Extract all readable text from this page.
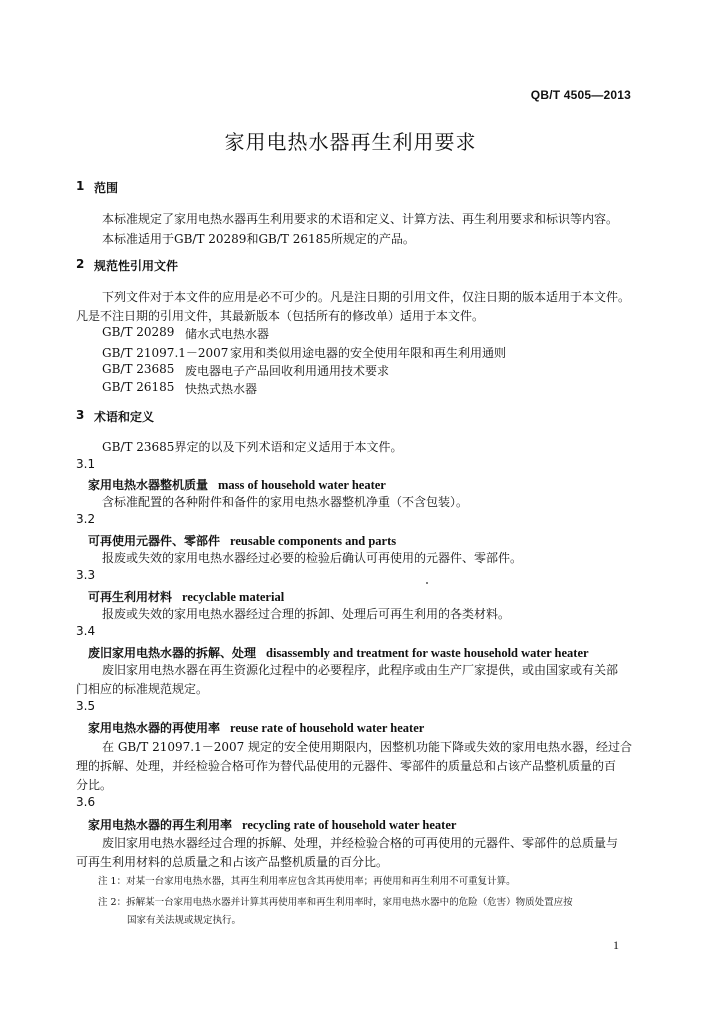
QB/T 4505—2013
家用电热水器再生利用要求
1 范围
本标准规定了家用电热水器再生利用要求的术语和定义、计算方法、再生利用要求和标识等内容。
本标准适用于GB/T 20289和GB/T 26185所规定的产品。
2 规范性引用文件
下列文件对于本文件的应用是必不可少的。凡是注日期的引用文件，仅注日期的版本适用于本文件。
凡是不注日期的引用文件，其最新版本（包括所有的修改单）适用于本文件。
GB/T 20289 储水式电热水器
GB/T 21097.1－2007 家用和类似用途电器的安全使用年限和再生利用通则
GB/T 23685 废电器电子产品回收利用通用技术要求
GB/T 26185 快热式热水器
3 术语和定义
GB/T 23685界定的以及下列术语和定义适用于本文件。
3.1
家用电热水器整机质量 mass of household water heater
含标准配置的各种附件和备件的家用电热水器整机净重（不含包装）。
3.2
可再使用元器件、零部件 reusable components and parts
报废或失效的家用电热水器经过必要的检验后确认可再使用的元器件、零部件。
3.3
可再生利用材料 recyclable material
报废或失效的家用电热水器经过合理的拆卸、处理后可再生利用的各类材料。
3.4
废旧家用电热水器的拆解、处理 disassembly and treatment for waste household water heater
废旧家用电热水器在再生资源化过程中的必要程序，此程序或由生产厂家提供，或由国家或有关部
门相应的标准规范规定。
3.5
家用电热水器的再使用率 reuse rate of household water heater
在 GB/T 21097.1－2007 规定的安全使用期限内，因整机功能下降或失效的家用电热水器，经过合
理的拆解、处理，并经检验合格可作为替代品使用的元器件、零部件的质量总和占该产品整机质量的百
分比。
3.6
家用电热水器的再生利用率 recycling rate of household water heater
废旧家用电热水器经过合理的拆解、处理，并经检验合格的可再使用的元器件、零部件的总质量与
可再生利用材料的总质量之和占该产品整机质量的百分比。
注 1：对某一台家用电热水器，其再生利用率应包含其再使用率；再使用和再生利用不可重复计算。
注 2：拆解某一台家用电热水器并计算其再使用率和再生利用率时，家用电热水器中的危险（危害）物质处置应按
国家有关法规或规定执行。
1
